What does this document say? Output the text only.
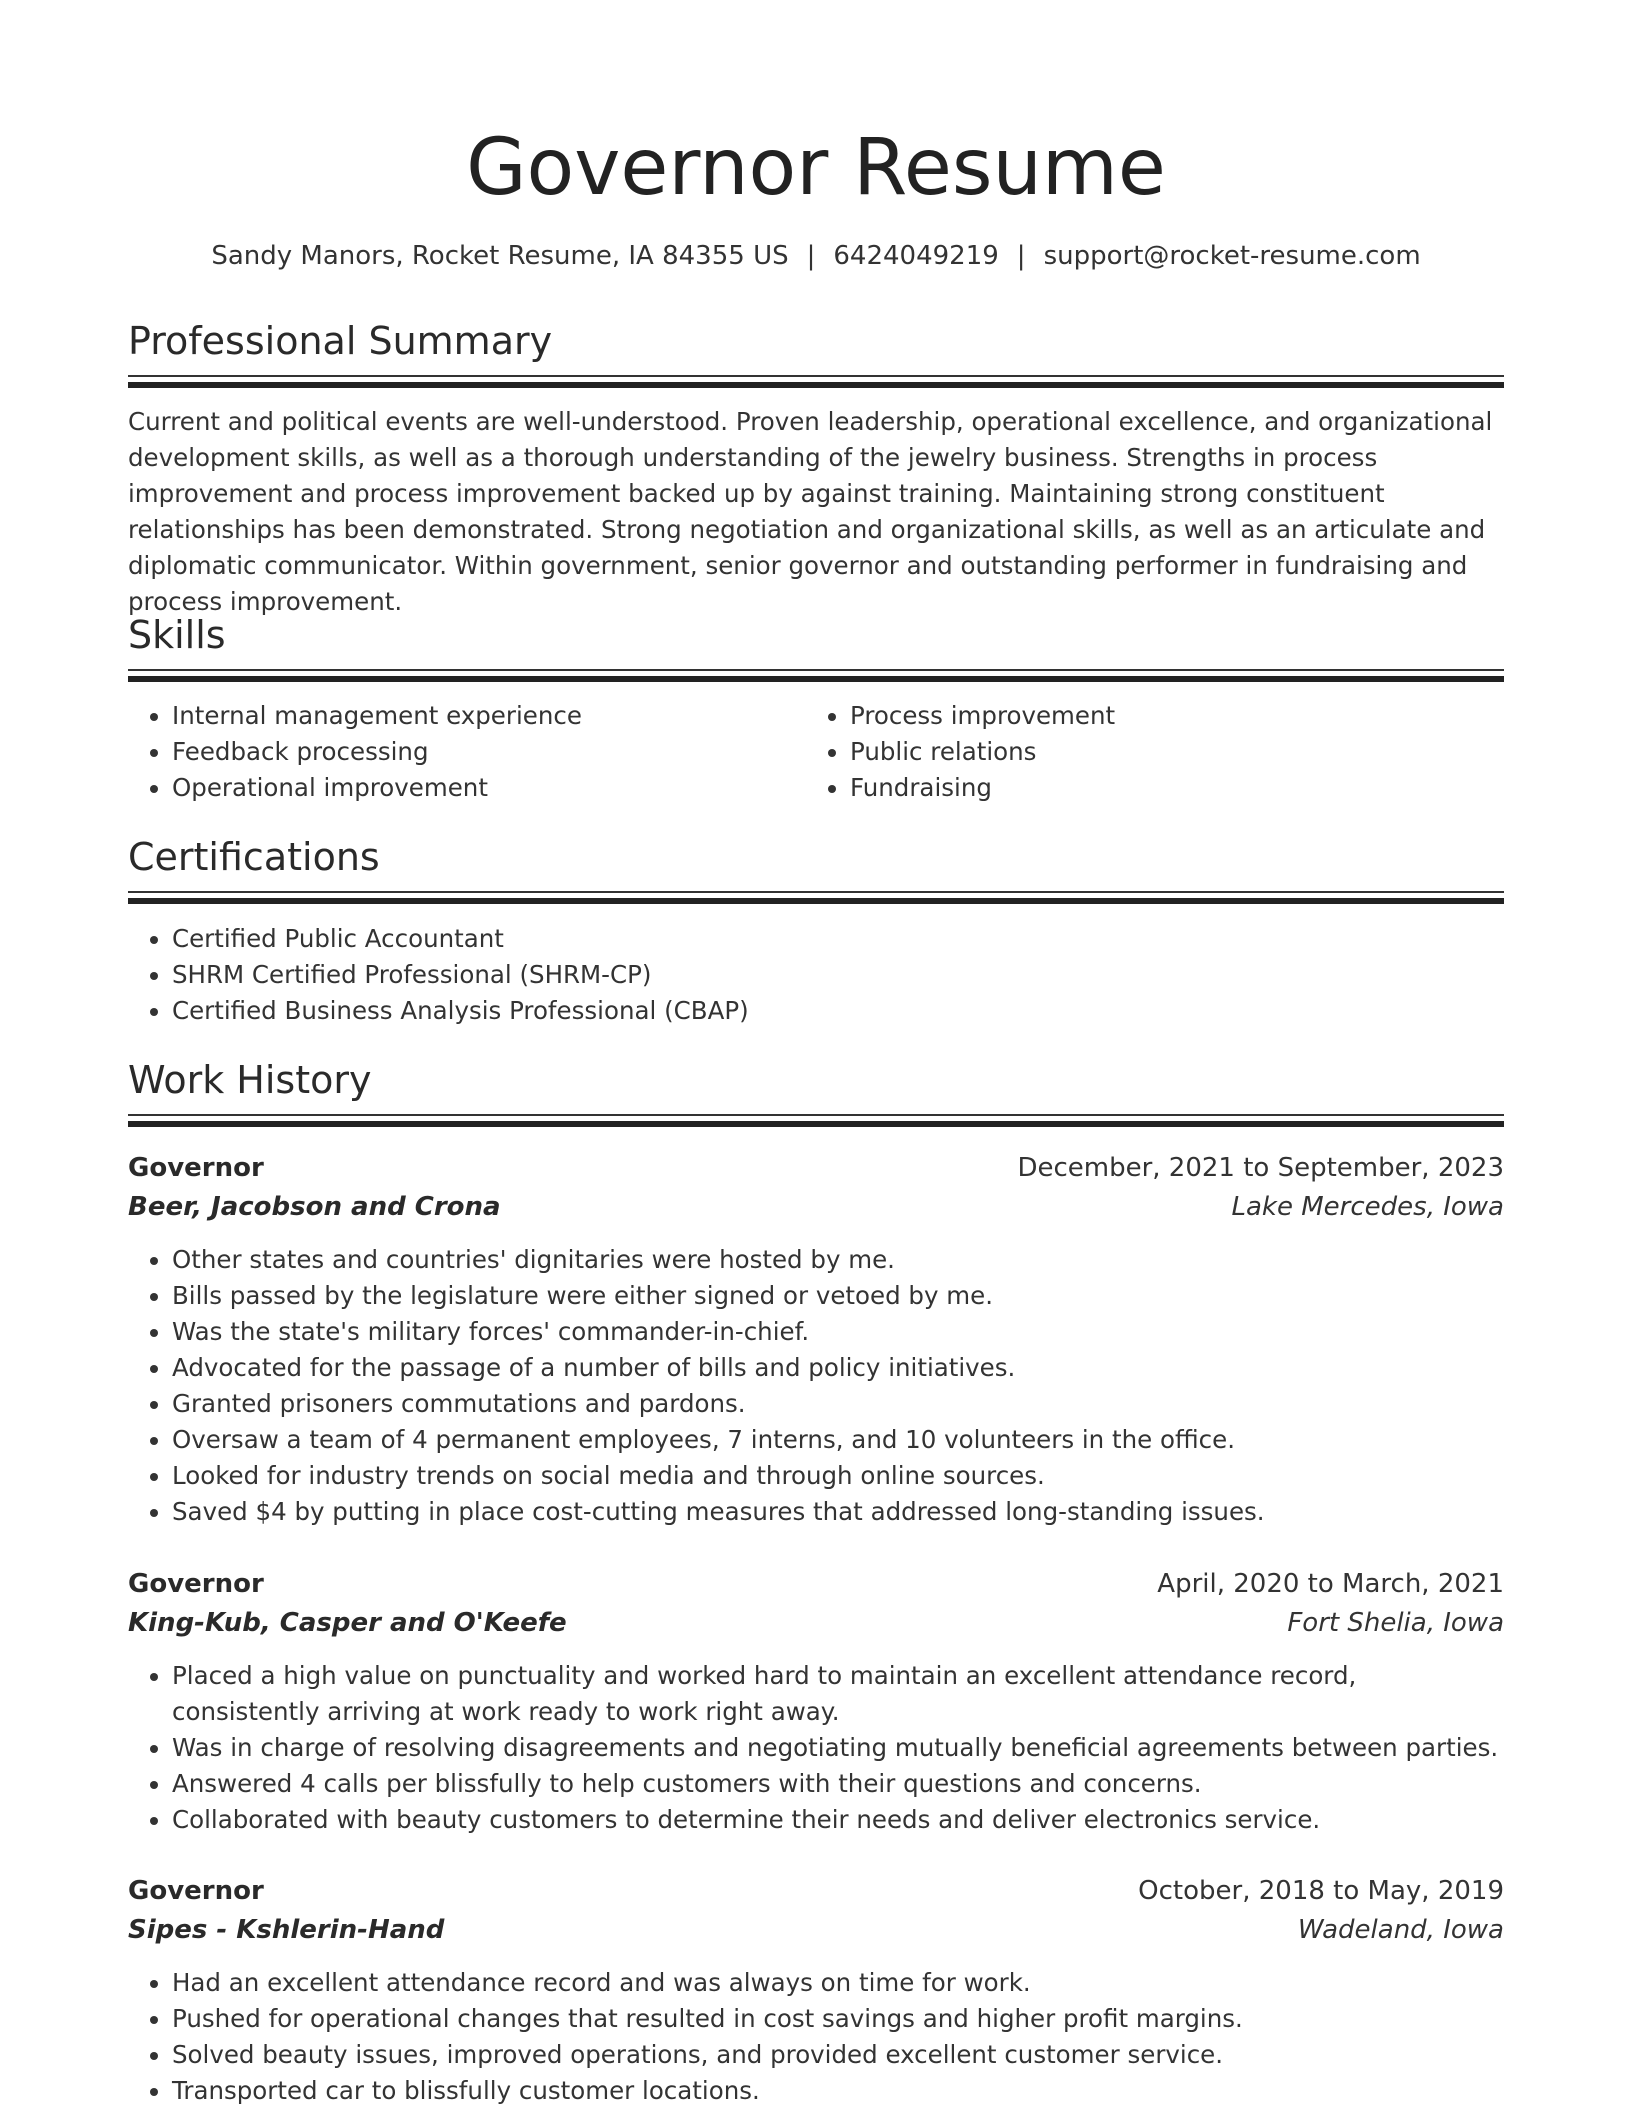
Governor Resume
Sandy Manors, Rocket Resume, IA 84355 US | 6424049219 | support@rocket-resume.com
Professional Summary

Current and political events are well-understood. Proven leadership, operational excellence, and organizational development skills, as well as a thorough understanding of the jewelry business. Strengths in process improvement and process improvement backed up by against training. Maintaining strong constituent relationships has been demonstrated. Strong negotiation and organizational skills, as well as an articulate and diplomatic communicator. Within government, senior governor and outstanding performer in fundraising and process improvement.

Skills
• Internal management experience
• Feedback processing
• Operational improvement
• Process improvement
• Public relations
• Fundraising
Certifications
• Certified Public Accountant
• SHRM Certified Professional (SHRM-CP)
• Certified Business Analysis Professional (CBAP)
Work History
Governor	December, 2021 to September, 2023
Beer, Jacobson and Crona	Lake Mercedes, Iowa
• Other states and countries' dignitaries were hosted by me.
• Bills passed by the legislature were either signed or vetoed by me.
• Was the state's military forces' commander-in-chief.
• Advocated for the passage of a number of bills and policy initiatives.
• Granted prisoners commutations and pardons.
• Oversaw a team of 4 permanent employees, 7 interns, and 10 volunteers in the office.
• Looked for industry trends on social media and through online sources.
• Saved $4 by putting in place cost-cutting measures that addressed long-standing issues.
Governor	April, 2020 to March, 2021
King-Kub, Casper and O'Keefe	Fort Shelia, Iowa
• Placed a high value on punctuality and worked hard to maintain an excellent attendance record, consistently arriving at work ready to work right away.
• Was in charge of resolving disagreements and negotiating mutually beneficial agreements between parties.
• Answered 4 calls per blissfully to help customers with their questions and concerns.
• Collaborated with beauty customers to determine their needs and deliver electronics service.
Governor	October, 2018 to May, 2019
Sipes - Kshlerin-Hand	Wadeland, Iowa
• Had an excellent attendance record and was always on time for work.
• Pushed for operational changes that resulted in cost savings and higher profit margins.
• Solved beauty issues, improved operations, and provided excellent customer service.
• Transported car to blissfully customer locations.
